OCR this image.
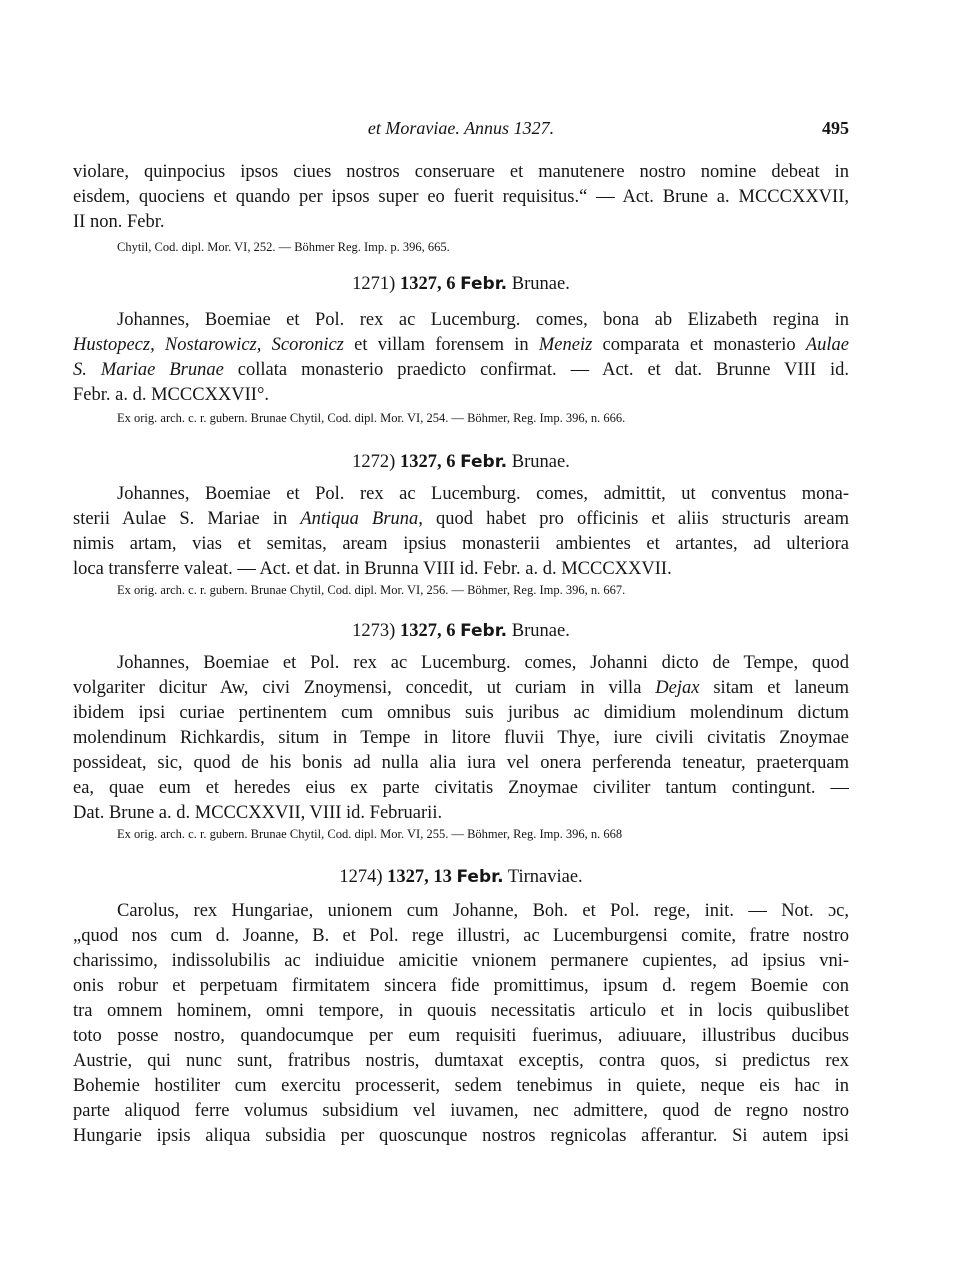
et Moraviae. Annus 1327.	495
violare, quinpocius ipsos ciues nostros conseruare et manutenere nostro nomine debeat in
eisdem, quociens et quando per ipsos super eo fuerit requisitus.“ — Act. Brune a. MCCCXXVII,
II non. Febr.
Chytil, Cod. dipl. Mor. VI, 252. — Böhmer Reg. Imp. p. 396, 665.
1271) 1327, 6 Febr. Brunae.
Johannes, Boemiae et Pol. rex ac Lucemburg. comes, bona ab Elizabeth regina in
Hustopecz, Nostarowicz, Scoronicz et villam forensem in Meneiz comparata et monasterio Aulae
S. Mariae Brunae collata monasterio praedicto confirmat. — Act. et dat. Brunne VIII id.
Febr. a. d. MCCCXXVII°.
Ex orig. arch. c. r. gubern. Brunae Chytil, Cod. dipl. Mor. VI, 254. — Böhmer, Reg. Imp. 396, n. 666.
1272) 1327, 6 Febr. Brunae.
Johannes, Boemiae et Pol. rex ac Lucemburg. comes, admittit, ut conventus mona-
sterii Aulae S. Mariae in Antiqua Bruna, quod habet pro officinis et aliis structuris aream
nimis artam, vias et semitas, aream ipsius monasterii ambientes et artantes, ad ulteriora
loca transferre valeat. — Act. et dat. in Brunna VIII id. Febr. a. d. MCCCXXVII.
Ex orig. arch. c. r. gubern. Brunae Chytil, Cod. dipl. Mor. VI, 256. — Böhmer, Reg. Imp. 396, n. 667.
1273) 1327, 6 Febr. Brunae.
Johannes, Boemiae et Pol. rex ac Lucemburg. comes, Johanni dicto de Tempe, quod
volgariter dicitur Aw, civi Znoymensi, concedit, ut curiam in villa Dejax sitam et laneum
ibidem ipsi curiae pertinentem cum omnibus suis juribus ac dimidium molendinum dictum
molendinum Richkardis, situm in Tempe in litore fluvii Thye, iure civili civitatis Znoymae
possideat, sic, quod de his bonis ad nulla alia iura vel onera perferenda teneatur, praeterquam
ea, quae eum et heredes eius ex parte civitatis Znoymae civiliter tantum contingunt. —
Dat. Brune a. d. MCCCXXVII, VIII id. Februarii.
Ex orig. arch. c. r. gubern. Brunae Chytil, Cod. dipl. Mor. VI, 255. — Böhmer, Reg. Imp. 396, n. 668
1274) 1327, 13 Febr. Tirnaviae.
Carolus, rex Hungariae, unionem cum Johanne, Boh. et Pol. rege, init. — Not. ɔc,
„quod nos cum d. Joanne, B. et Pol. rege illustri, ac Lucemburgensi comite, fratre nostro
charissimo, indissolubilis ac indiuidue amicitie vnionem permanere cupientes, ad ipsius vni-
onis robur et perpetuam firmitatem sincera fide promittimus, ipsum d. regem Boemie con
tra omnem hominem, omni tempore, in quouis necessitatis articulo et in locis quibuslibet
toto posse nostro, quandocumque per eum requisiti fuerimus, adiuuare, illustribus ducibus
Austrie, qui nunc sunt, fratribus nostris, dumtaxat exceptis, contra quos, si predictus rex
Bohemie hostiliter cum exercitu processerit, sedem tenebimus in quiete, neque eis hac in
parte aliquod ferre volumus subsidium vel iuvamen, nec admittere, quod de regno nostro
Hungarie ipsis aliqua subsidia per quoscunque nostros regnicolas afferantur. Si autem ipsi
